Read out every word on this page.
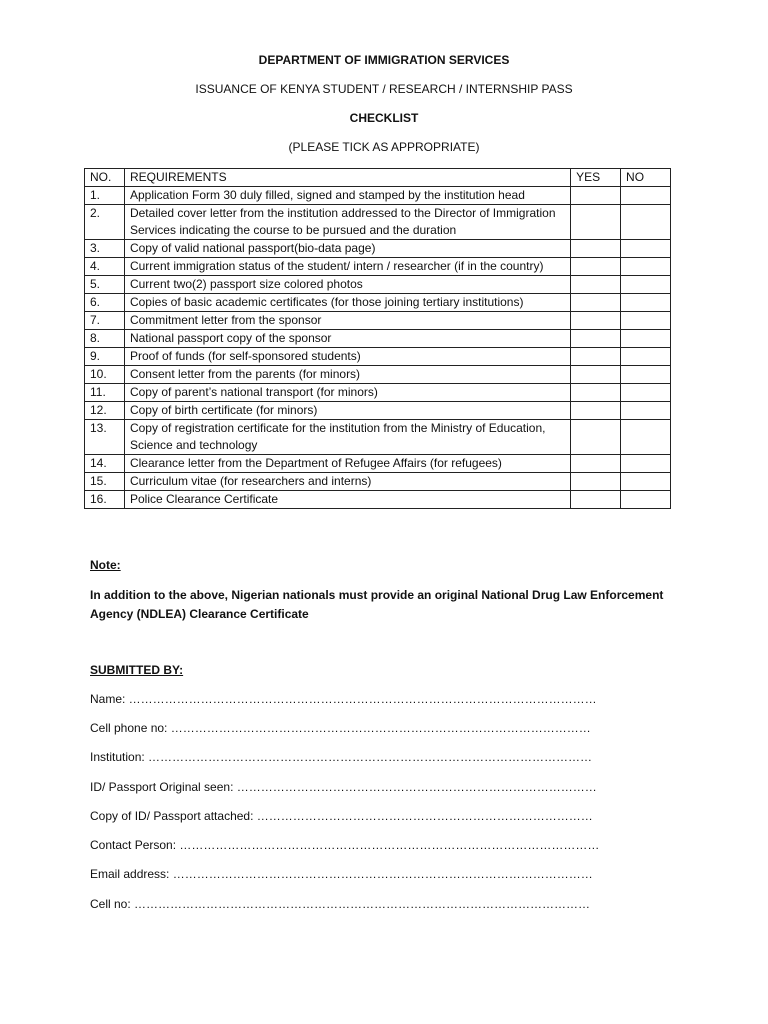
DEPARTMENT OF IMMIGRATION SERVICES
ISSUANCE OF KENYA STUDENT / RESEARCH / INTERNSHIP PASS
CHECKLIST
(PLEASE TICK AS APPROPRIATE)
NO.	REQUIREMENTS	YES	NO
1.	Application Form 30 duly filled, signed and stamped by the institution head		
2.	Detailed cover letter from the institution addressed to the Director of Immigration Services indicating the course to be pursued and the duration		
3.	Copy of valid national passport(bio-data page)		
4.	Current immigration status of the student/ intern / researcher (if in the country)		
5.	Current two(2) passport size colored photos		
6.	Copies of basic academic certificates (for those joining tertiary institutions)		
7.	Commitment letter from the sponsor		
8.	National passport copy of the sponsor		
9.	Proof of funds (for self-sponsored students)		
10.	Consent letter from the parents (for minors)		
11.	Copy of parent’s national transport (for minors)		
12.	Copy of birth certificate (for minors)		
13.	Copy of registration certificate for the institution from the Ministry of Education, Science and technology		
14.	Clearance letter from the Department of Refugee Affairs (for refugees)		
15.	Curriculum vitae (for researchers and interns)		
16.	Police Clearance Certificate		
Note:
In addition to the above, Nigerian nationals must provide an original National Drug Law Enforcement Agency (NDLEA) Clearance Certificate
SUBMITTED BY:
Name: ………………………………………………………………………………………………………
Cell phone no: ……………………………………………………………………………………………
Institution: …………………………………………………………………………………………………
ID/ Passport Original seen: ………………………………………………………………………………
Copy of ID/ Passport attached: …………………………………………………………………………
Contact Person: ……………………………………………………………………………………………
Email address: ……………………………………………………………………………………………
Cell no: ……………………………………………………………………………………………………
